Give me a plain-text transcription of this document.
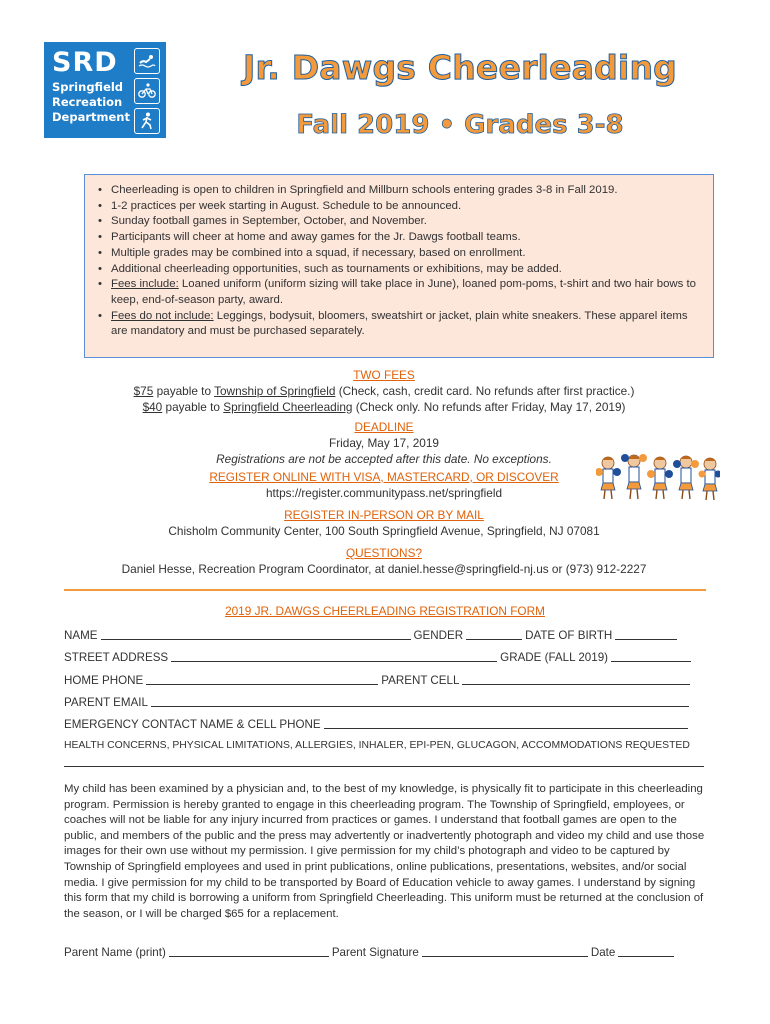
SRD
Springfield
Recreation
Department
Jr. Dawgs Cheerleading
Fall 2019 • Grades 3-8
• Cheerleading is open to children in Springfield and Millburn schools entering grades 3-8 in Fall 2019.
• 1-2 practices per week starting in August. Schedule to be announced.
• Sunday football games in September, October, and November.
• Participants will cheer at home and away games for the Jr. Dawgs football teams.
• Multiple grades may be combined into a squad, if necessary, based on enrollment.
• Additional cheerleading opportunities, such as tournaments or exhibitions, may be added.
• Fees include: Loaned uniform (uniform sizing will take place in June), loaned pom-poms, t-shirt and two hair bows to keep, end-of-season party, award.
• Fees do not include: Leggings, bodysuit, bloomers, sweatshirt or jacket, plain white sneakers. These apparel items are mandatory and must be purchased separately.
TWO FEES
$75 payable to Township of Springfield (Check, cash, credit card. No refunds after first practice.)
$40 payable to Springfield Cheerleading (Check only. No refunds after Friday, May 17, 2019)
DEADLINE
Friday, May 17, 2019
Registrations are not be accepted after this date. No exceptions.
REGISTER ONLINE WITH VISA, MASTERCARD, OR DISCOVER
https://register.communitypass.net/springfield
REGISTER IN-PERSON OR BY MAIL
Chisholm Community Center, 100 South Springfield Avenue, Springfield, NJ 07081
QUESTIONS?
Daniel Hesse, Recreation Program Coordinator, at daniel.hesse@springfield-nj.us or (973) 912-2227
2019 JR. DAWGS CHEERLEADING REGISTRATION FORM
NAME	GENDER	DATE OF BIRTH
STREET ADDRESS	GRADE (FALL 2019)
HOME PHONE	PARENT CELL
PARENT EMAIL
EMERGENCY CONTACT NAME & CELL PHONE
HEALTH CONCERNS, PHYSICAL LIMITATIONS, ALLERGIES, INHALER, EPI-PEN, GLUCAGON, ACCOMMODATIONS REQUESTED
My child has been examined by a physician and, to the best of my knowledge, is physically fit to participate in this cheerleading program. Permission is hereby granted to engage in this cheerleading program. The Township of Springfield, employees, or coaches will not be liable for any injury incurred from practices or games. I understand that football games are open to the public, and members of the public and the press may advertently or inadvertently photograph and video my child and use those images for their own use without my permission. I give permission for my child’s photograph and video to be captured by Township of Springfield employees and used in print publications, online publications, presentations, websites, and/or social media. I give permission for my child to be transported by Board of Education vehicle to away games. I understand by signing this form that my child is borrowing a uniform from Springfield Cheerleading. This uniform must be returned at the conclusion of the season, or I will be charged $65 for a replacement.
Parent Name (print)	Parent Signature	Date
